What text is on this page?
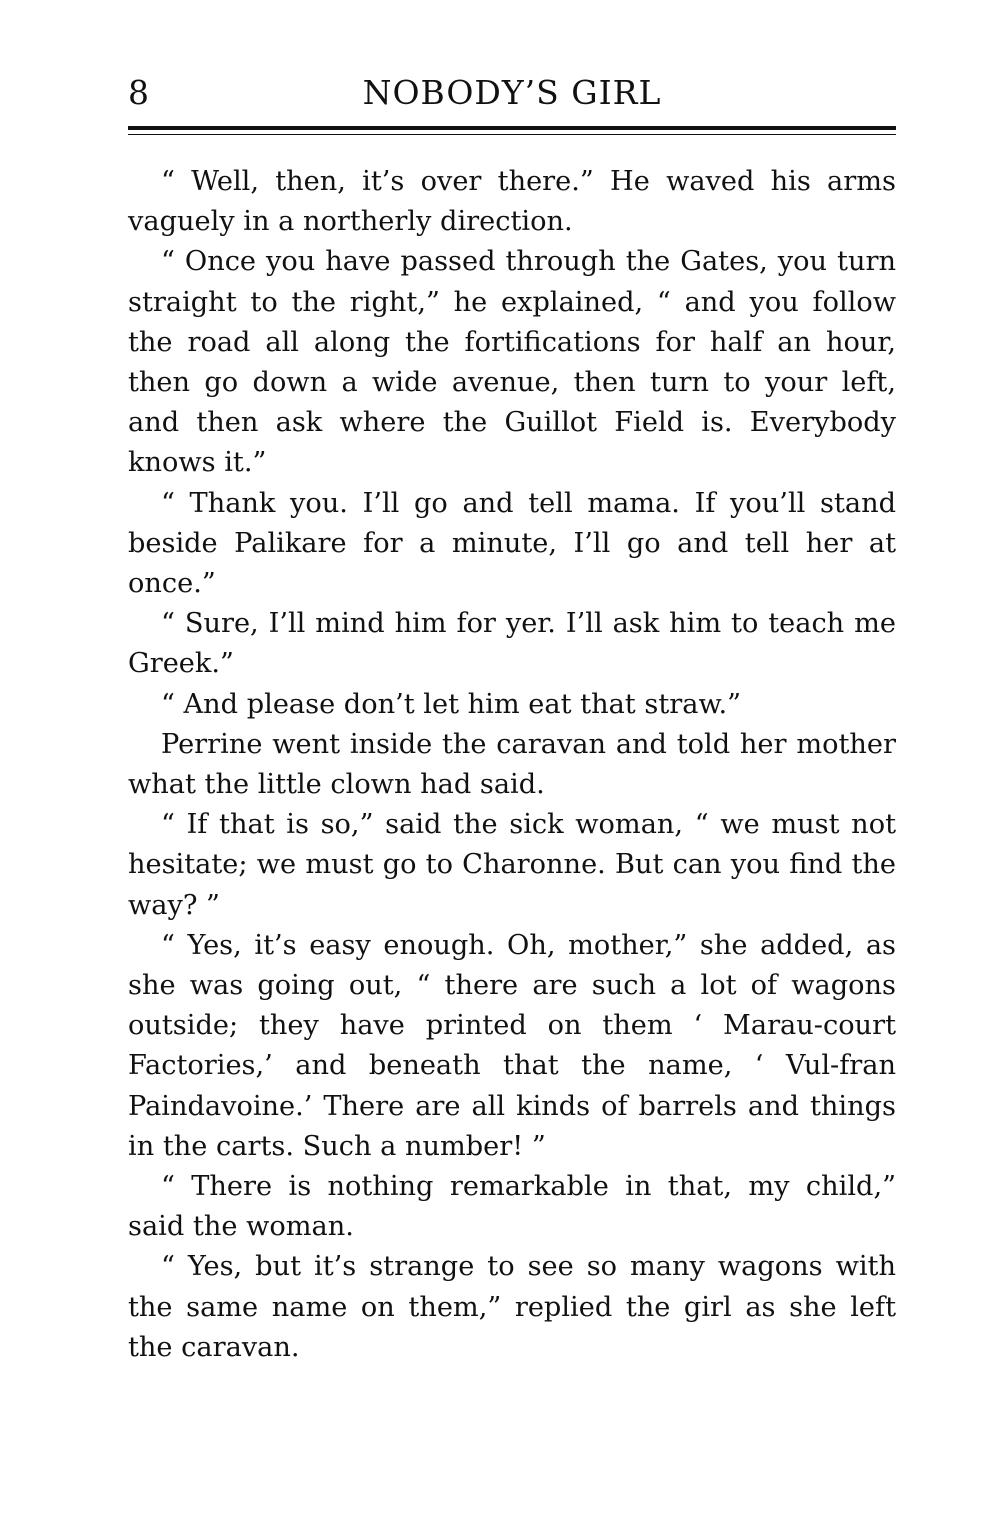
8	NOBODY’S GIRL

“ Well, then, it’s over there.” He waved his arms vaguely in a northerly direction.

“ Once you have passed through the Gates, you turn straight to the right,” he explained, “ and you follow the road all along the fortifications for half an hour, then go down a wide avenue, then turn to your left, and then ask where the Guillot Field is. Everybody knows it.”

“ Thank you. I’ll go and tell mama. If you’ll stand beside Palikare for a minute, I’ll go and tell her at once.”

“ Sure, I’ll mind him for yer. I’ll ask him to teach me Greek.”

“ And please don’t let him eat that straw.”

Perrine went inside the caravan and told her mother what the little clown had said.

“ If that is so,” said the sick woman, “ we must not hesitate; we must go to Charonne. But can you find the way? ”

“ Yes, it’s easy enough. Oh, mother,” she added, as she was going out, “ there are such a lot of wagons outside; they have printed on them ‘ Marau-court Factories,’ and beneath that the name, ‘ Vul-fran Paindavoine.’ There are all kinds of barrels and things in the carts. Such a number! ”

“ There is nothing remarkable in that, my child,” said the woman.

“ Yes, but it’s strange to see so many wagons with the same name on them,” replied the girl as she left the caravan.
